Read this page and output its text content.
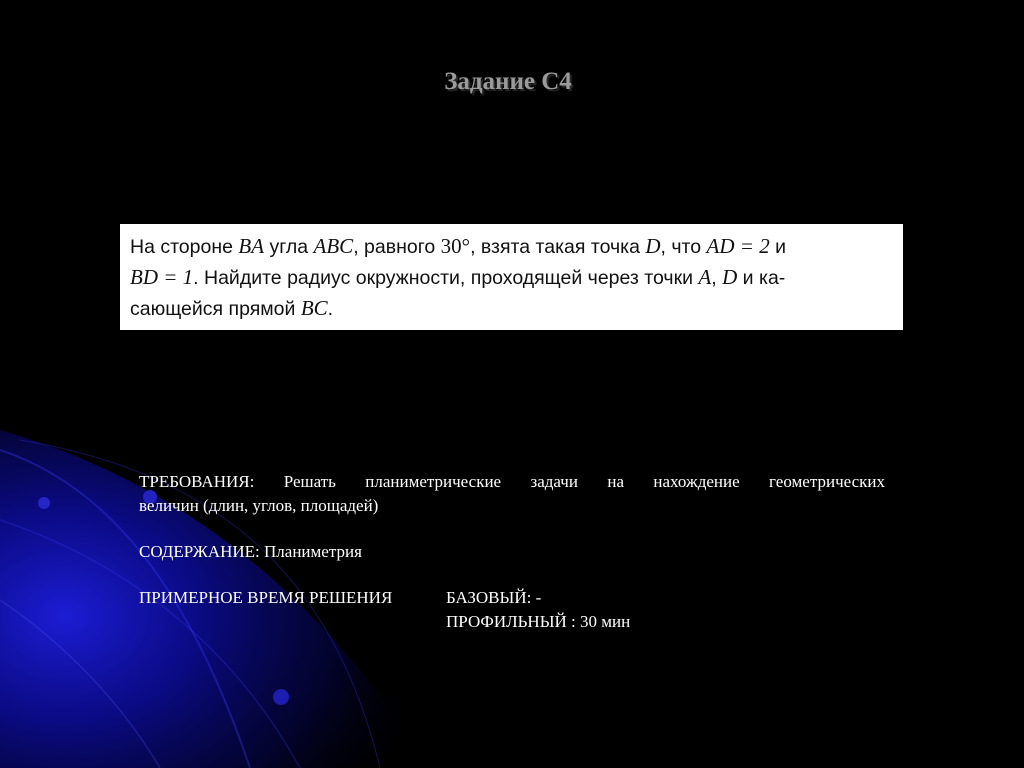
Задание С4
На стороне BA угла ABC, равного 30°, взята такая точка D, что AD = 2 и
BD = 1. Найдите радиус окружности, проходящей через точки A, D и ка-
сающейся прямой BC.
ТРЕБОВАНИЯ: Решать планиметрические задачи на нахождение геометрических
величин (длин, углов, площадей)
СОДЕРЖАНИЕ: Планиметрия
ПРИМЕРНОЕ ВРЕМЯ РЕШЕНИЯ	БАЗОВЫЙ: -
ПРОФИЛЬНЫЙ : 30 мин
